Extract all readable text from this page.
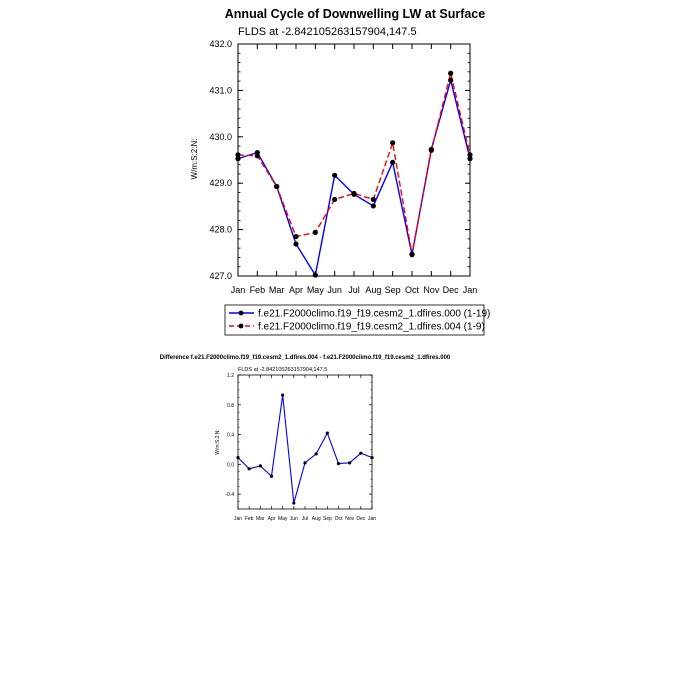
Annual Cycle of Downwelling LW at Surface
FLDS at -2.842105263157904,147.5
W/m:S:2:N:
Jan Feb Mar Apr May Jun Jul Aug Sep Oct Nov Dec Jan
427.0
428.0
429.0
430.0
431.0
432.0
f.e21.F2000climo.f19_f19.cesm2_1.dfires.000 (1-19)
f.e21.F2000climo.f19_f19.cesm2_1.dfires.004 (1-9)
Difference f.e21.F2000climo.f19_f19.cesm2_1.dfires.004 - f.e21.F2000climo.f19_f19.cesm2_1.dfires.000
FLDS at -2.842105263157904,147.5
W/m:S:2:N:
Jan Feb Mar Apr May Jun Jul Aug Sep Oct Nov Dec Jan
-0.4
0.0
0.4
0.8
1.2
